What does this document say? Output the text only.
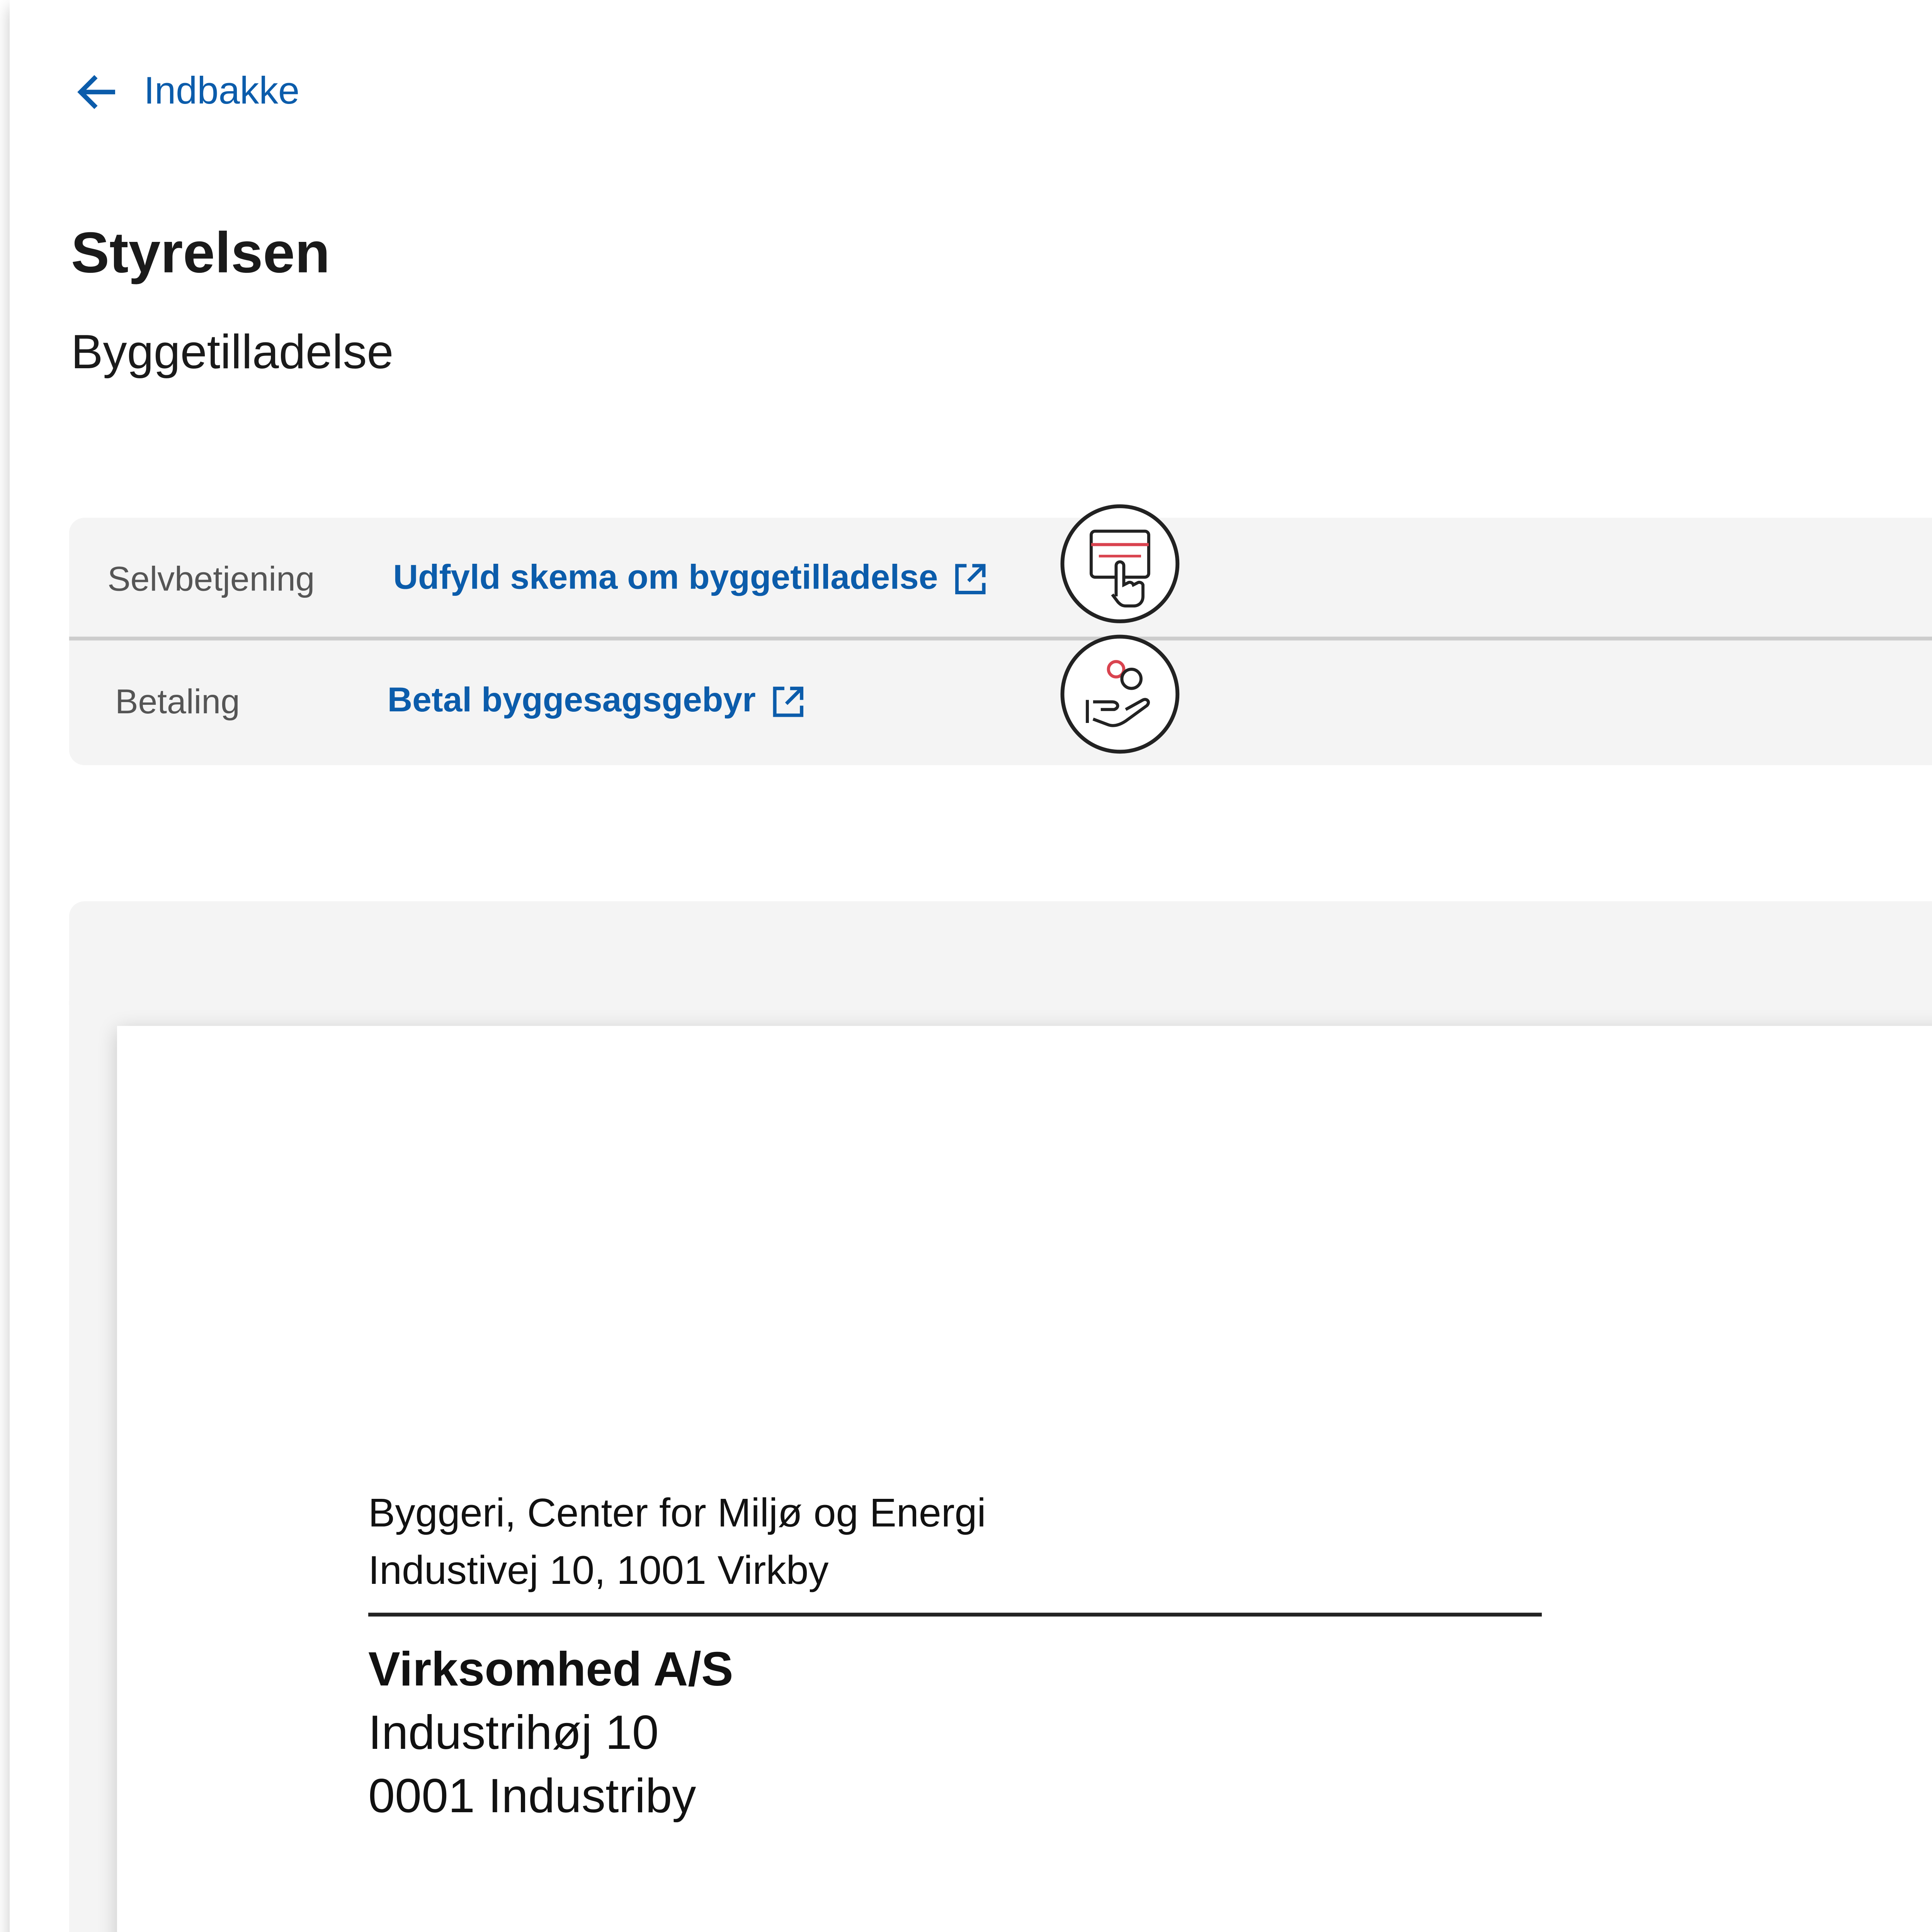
Indbakke
Styrelsen
Byggetilladelse
Selvbetjening	Udfyld skema om byggetilladelse
Betaling	Betal byggesagsgebyr
Byggeri, Center for Miljø og Energi
Industivej 10, 1001 Virkby
Virksomhed A/S
Industrihøj 10
0001 Industriby
